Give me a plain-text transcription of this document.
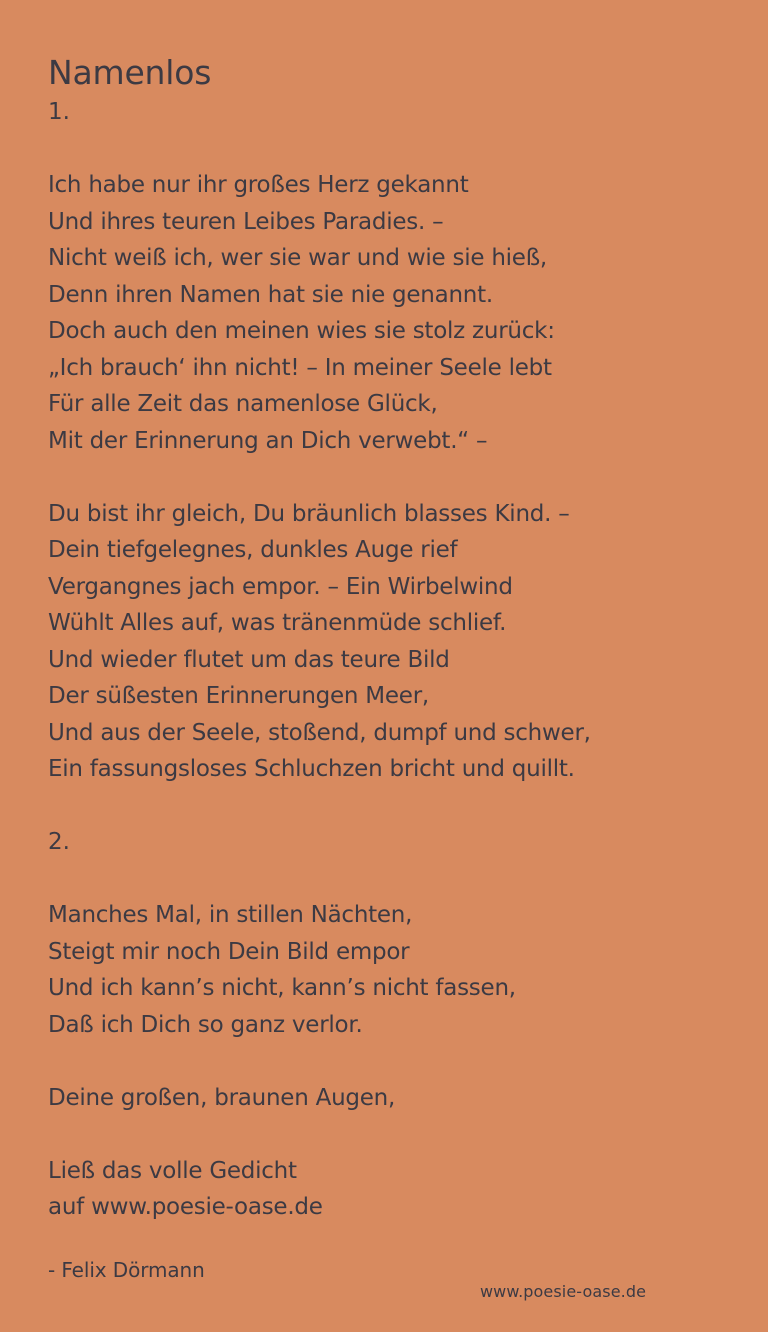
Namenlos

1.

Ich habe nur ihr großes Herz gekannt
Und ihres teuren Leibes Paradies. –
Nicht weiß ich, wer sie war und wie sie hieß,
Denn ihren Namen hat sie nie genannt.
Doch auch den meinen wies sie stolz zurück:
„Ich brauch‘ ihn nicht! – In meiner Seele lebt
Für alle Zeit das namenlose Glück,
Mit der Erinnerung an Dich verwebt.“ –

Du bist ihr gleich, Du bräunlich blasses Kind. –
Dein tiefgelegnes, dunkles Auge rief
Vergangnes jach empor. – Ein Wirbelwind
Wühlt Alles auf, was tränenmüde schlief.
Und wieder flutet um das teure Bild
Der süßesten Erinnerungen Meer,
Und aus der Seele, stoßend, dumpf und schwer,
Ein fassungsloses Schluchzen bricht und quillt.

2.

Manches Mal, in stillen Nächten,
Steigt mir noch Dein Bild empor
Und ich kann’s nicht, kann’s nicht fassen,
Daß ich Dich so ganz verlor.

Deine großen, braunen Augen,

Ließ das volle Gedicht
auf www.poesie-oase.de

- Felix Dörmann
www.poesie-oase.de
